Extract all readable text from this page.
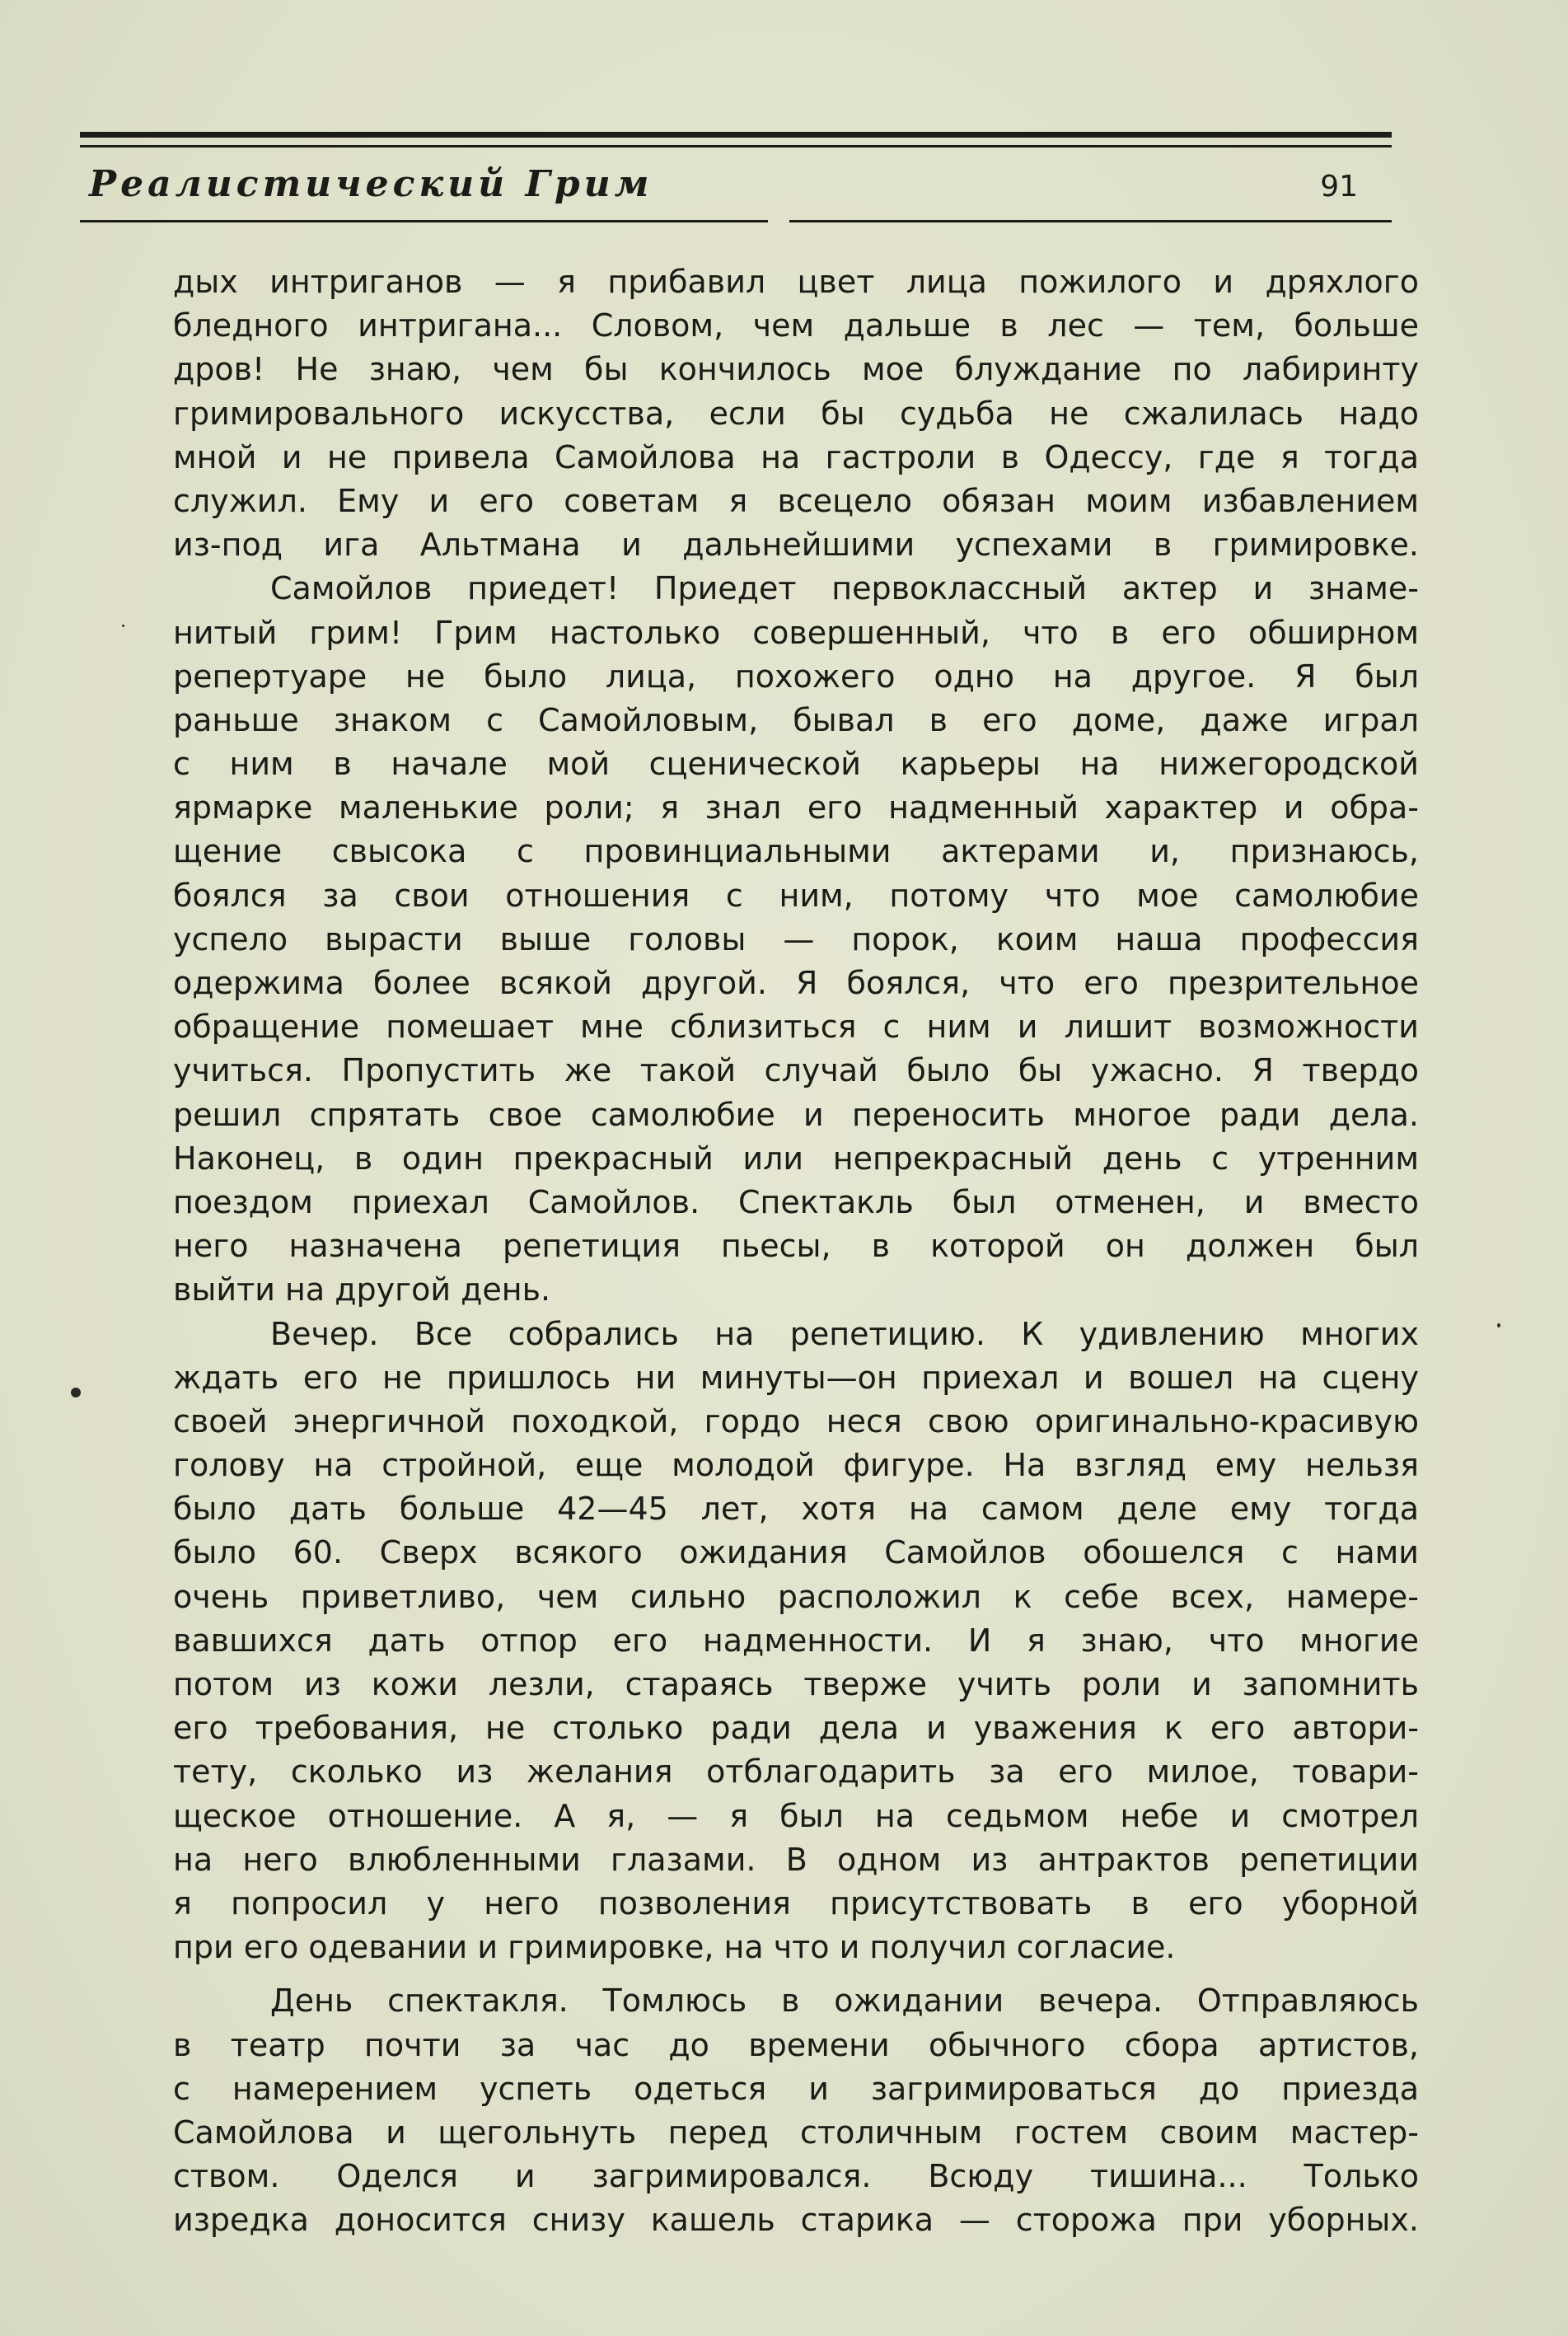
Реалистический Грим	91
дых интриганов — я прибавил цвет лица пожилого и дряхлого
бледного интригана... Словом, чем дальше в лес — тем, больше
дров! Не знаю, чем бы кончилось мое блуждание по лабиринту
гримировального искусства, если бы судьба не сжалилась надо
мной и не привела Самойлова на гастроли в Одессу, где я тогда
служил. Ему и его советам я всецело обязан моим избавлением
из-под ига Альтмана и дальнейшими успехами в гримировке.
Самойлов приедет! Приедет первоклассный актер и знаме-
нитый грим! Грим настолько совершенный, что в его обширном
репертуаре не было лица, похожего одно на другое. Я был
раньше знаком с Самойловым, бывал в его доме, даже играл
с ним в начале мой сценической карьеры на нижегородской
ярмарке маленькие роли; я знал его надменный характер и обра-
щение свысока с провинциальными актерами и, признаюсь,
боялся за свои отношения с ним, потому что мое самолюбие
успело вырасти выше головы — порок, коим наша профессия
одержима более всякой другой. Я боялся, что его презрительное
обращение помешает мне сблизиться с ним и лишит возможности
учиться. Пропустить же такой случай было бы ужасно. Я твердо
решил спрятать свое самолюбие и переносить многое ради дела.
Наконец, в один прекрасный или непрекрасный день с утренним
поездом приехал Самойлов. Спектакль был отменен, и вместо
него назначена репетиция пьесы, в которой он должен был
выйти на другой день.
Вечер. Все собрались на репетицию. К удивлению многих
ждать его не пришлось ни минуты—он приехал и вошел на сцену
своей энергичной походкой, гордо неся свою оригинально-красивую
голову на стройной, еще молодой фигуре. На взгляд ему нельзя
было дать больше 42—45 лет, хотя на самом деле ему тогда
было 60. Сверх всякого ожидания Самойлов обошелся с нами
очень приветливо, чем сильно расположил к себе всех, намере-
вавшихся дать отпор его надменности. И я знаю, что многие
потом из кожи лезли, стараясь тверже учить роли и запомнить
его требования, не столько ради дела и уважения к его автори-
тету, сколько из желания отблагодарить за его милое, товари-
щеское отношение. А я, — я был на седьмом небе и смотрел
на него влюбленными глазами. В одном из антрактов репетиции
я попросил у него позволения присутствовать в его уборной
при его одевании и гримировке, на что и получил согласие.
День спектакля. Томлюсь в ожидании вечера. Отправляюсь
в театр почти за час до времени обычного сбора артистов,
с намерением успеть одеться и загримироваться до приезда
Самойлова и щегольнуть перед столичным гостем своим мастер-
ством. Оделся и загримировался. Всюду тишина... Только
изредка доносится снизу кашель старика — сторожа при уборных.
